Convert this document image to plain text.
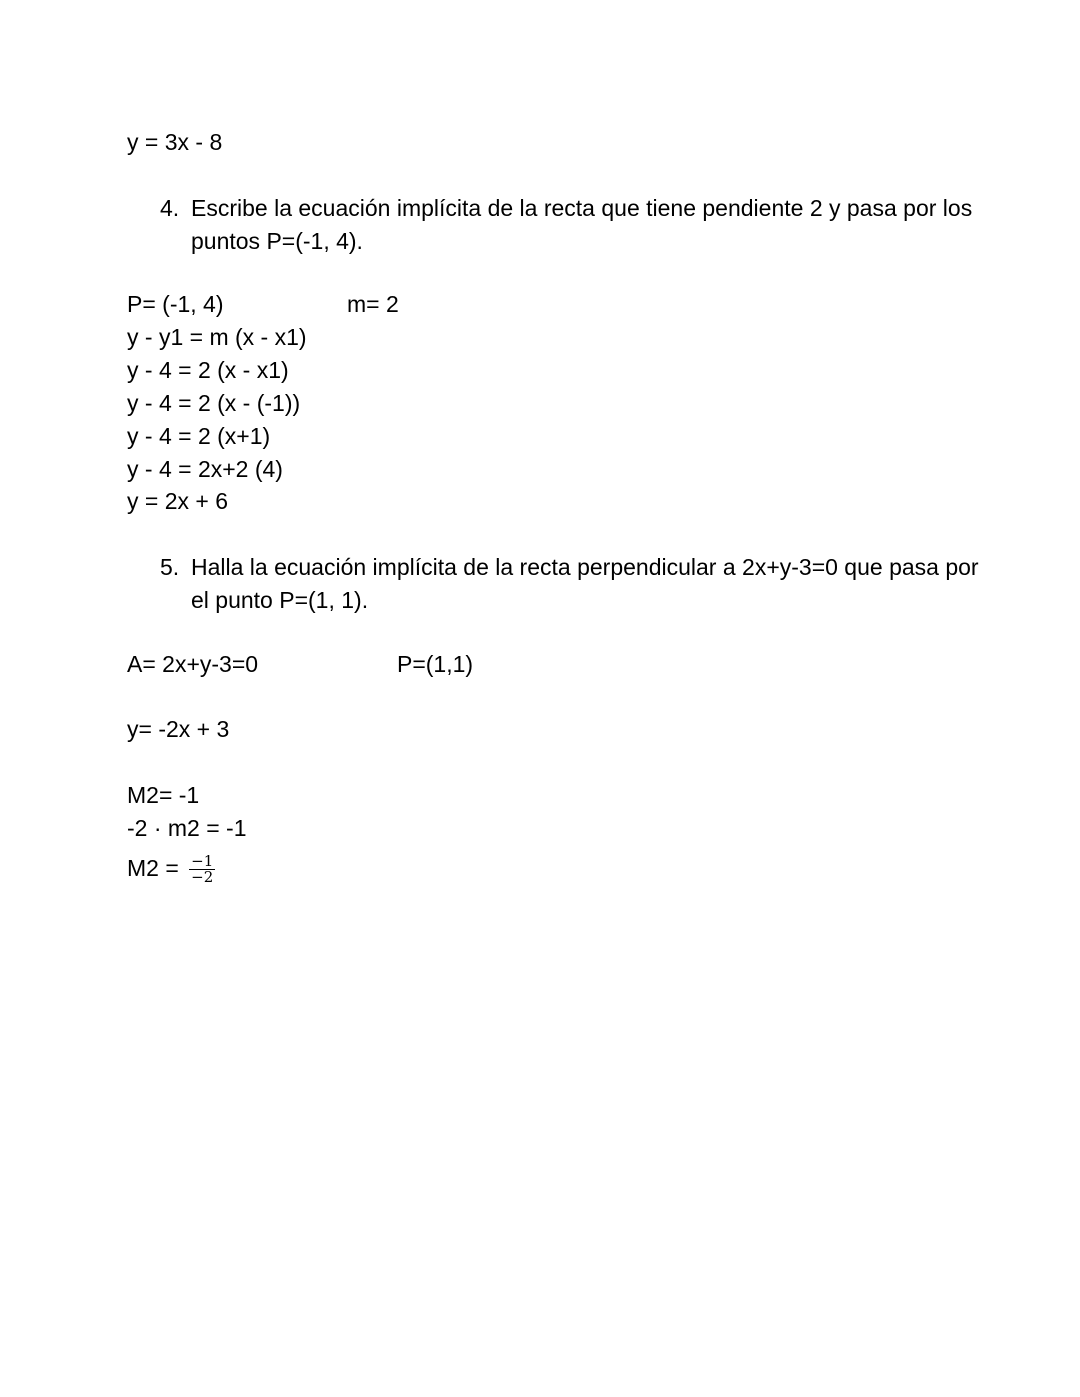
y = 3x - 8
4. Escribe la ecuación implícita de la recta que tiene pendiente 2 y pasa por los puntos P=(-1, 4).
P= (-1, 4)	m= 2
y - y1 = m (x - x1)
y - 4 = 2 (x - x1)
y - 4 = 2 (x - (-1))
y - 4 = 2 (x+1)
y - 4 = 2x+2 (4)
y = 2x + 6
5. Halla la ecuación implícita de la recta perpendicular a 2x+y-3=0 que pasa por el punto P=(1, 1).
A= 2x+y-3=0	P=(1,1)
y= -2x + 3
M2= -1
-2 · m2 = -1
$M2 = \frac{-1}{-2}$
